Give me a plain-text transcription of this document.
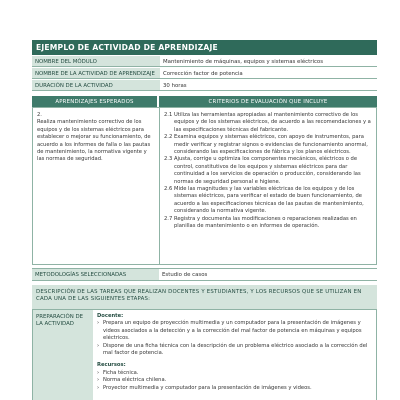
EJEMPLO DE ACTIVIDAD DE APRENDIZAJE
NOMBRE DEL MÓDULO	Mantenimiento de máquinas, equipos y sistemas eléctricos
NOMBRE DE LA ACTIVIDAD DE APRENDIZAJE	Corrección factor de potencia
DURACIÓN DE LA ACTIVIDAD	30 horas
APRENDIZAJES ESPERADOS	CRITERIOS DE EVALUACIÓN QUE INCLUYE
2.
Realiza mantenimiento correctivo de los equipos y de los sistemas eléctricos para establecer o mejorar su funcionamiento, de acuerdo a los informes de falla o las pautas de mantenimiento, la normativa vigente y las normas de seguridad.
2.1 Utiliza las herramientas apropiadas al mantenimiento correctivo de los equipos y de los sistemas eléctricos, de acuerdo a las recomendaciones y a las especificaciones técnicas del fabricante.
2.2 Examina equipos y sistemas eléctricos, con apoyo de instrumentos, para medir verificar y registrar signos o evidencias de funcionamiento anormal, considerando las especificaciones de fábrica y los planos eléctricos.
2.3 Ajusta, corrige u optimiza los componentes mecánicos, eléctricos o de control, constitutivos de los equipos y sistemas eléctricos para dar continuidad a los servicios de operación o producción, considerando las normas de seguridad personal e higiene.
2.6 Mide las magnitudes y las variables eléctricas de los equipos y de los sistemas eléctricos, para verificar el estado de buen funcionamiento, de acuerdo a las especificaciones técnicas de las pautas de mantenimiento, considerando la normativa vigente.
2.7 Registra y documenta las modificaciones o reparaciones realizadas en planillas de mantenimiento o en informes de operación.
METODOLOGÍAS SELECCIONADAS	Estudio de casos
DESCRIPCIÓN DE LAS TAREAS QUE REALIZAN DOCENTES Y ESTUDIANTES, Y LOS RECURSOS QUE SE UTILIZAN EN CADA UNA DE LAS SIGUIENTES ETAPAS:
PREPARACIÓN DE LA ACTIVIDAD
Docente:
› Prepara un equipo de proyección multimedia y un computador para la presentación de imágenes y videos asociados a la detección y a la corrección del mal factor de potencia en máquinas y equipos eléctricos.
› Dispone de una ficha técnica con la descripción de un problema eléctrico asociado a la corrección del mal factor de potencia.
Recursos:
› Ficha técnica.
› Norma eléctrica chilena.
› Proyector multimedia y computador para la presentación de imágenes y videos.
